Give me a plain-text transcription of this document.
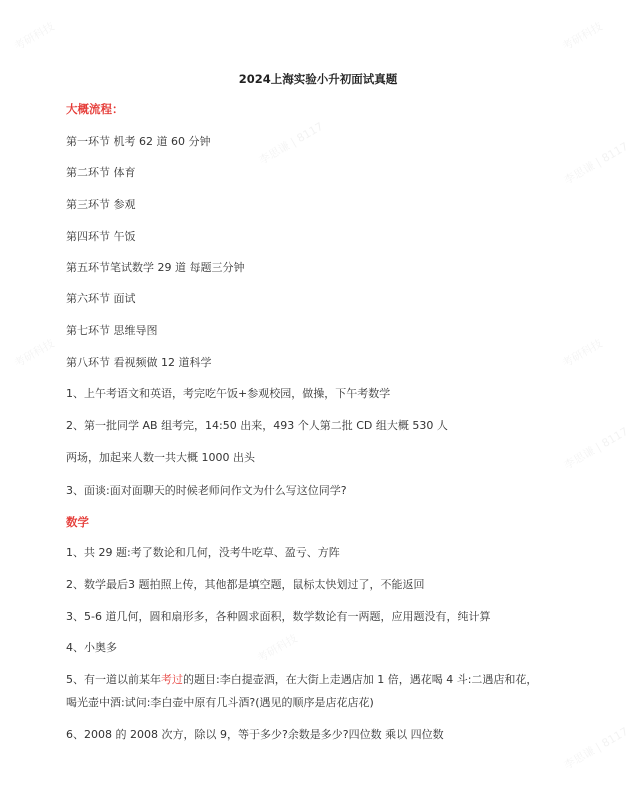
考研科技	考研科技
李思谦 | 8117	李思谦 | 8117
考研科技	考研科技
李思谦 | 8117
考研科技
李思谦 | 8117
2024上海实验小升初面试真题
大概流程：
第一环节 机考 62 道 60 分钟
第二环节 体育
第三环节 参观
第四环节 午饭
第五环节笔试数学 29 道 每题三分钟
第六环节 面试
第七环节 思维导图
第八环节 看视频做 12 道科学
1、上午考语文和英语，考完吃午饭+参观校园，做操，下午考数学
2、第一批同学 AB 组考完，14:50 出来，493 个人第二批 CD 组大概 530 人
两场，加起来人数一共大概 1000 出头
3、面谈:面对面聊天的时候老师问作文为什么写这位同学?
数学
1、共 29 题:考了数论和几何，没考牛吃草、盈亏、方阵
2、数学最后3 题拍照上传，其他都是填空题，鼠标太快划过了，不能返回
3、5-6 道几何，圆和扇形多，各种圆求面积，数学数论有一两题，应用题没有，纯计算
4、小奥多
5、有一道以前某年考过的题目:李白提壶酒，在大街上走遇店加 1 倍，遇花喝 4 斗:二遇店和花，
喝光壶中酒:试问:李白壶中原有几斗酒?(遇见的顺序是店花店花)
6、2008 的 2008 次方，除以 9，等于多少?余数是多少?四位数 乘以 四位数
